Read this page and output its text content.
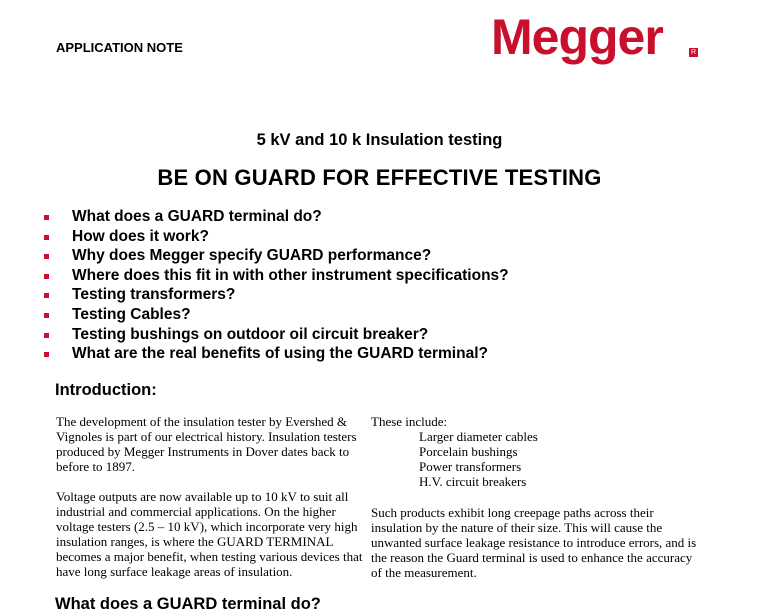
APPLICATION NOTE	Megger	R
5 kV and 10 k Insulation testing
BE ON GUARD FOR EFFECTIVE TESTING
What does a GUARD terminal do?
How does it work?
Why does Megger specify GUARD performance?
Where does this fit in with other instrument specifications?
Testing transformers?
Testing Cables?
Testing bushings on outdoor oil circuit breaker?
What are the real benefits of using the GUARD terminal?
Introduction:

The development of the insulation tester by Evershed & Vignoles is part of our electrical history. Insulation testers produced by Megger Instruments in Dover dates back to before to 1897.

Voltage outputs are now available up to 10 kV to suit all industrial and commercial applications. On the higher voltage testers (2.5 – 10 kV), which incorporate very high insulation ranges, is where the GUARD TERMINAL becomes a major benefit, when testing various devices that have long surface leakage areas of insulation.

These include:
Larger diameter cables
Porcelain bushings
Power transformers
H.V. circuit breakers
Such products exhibit long creepage paths across their insulation by the nature of their size. This will cause the unwanted surface leakage resistance to introduce errors, and is the reason the Guard terminal is used to enhance the accuracy of the measurement.
What does a GUARD terminal do?
